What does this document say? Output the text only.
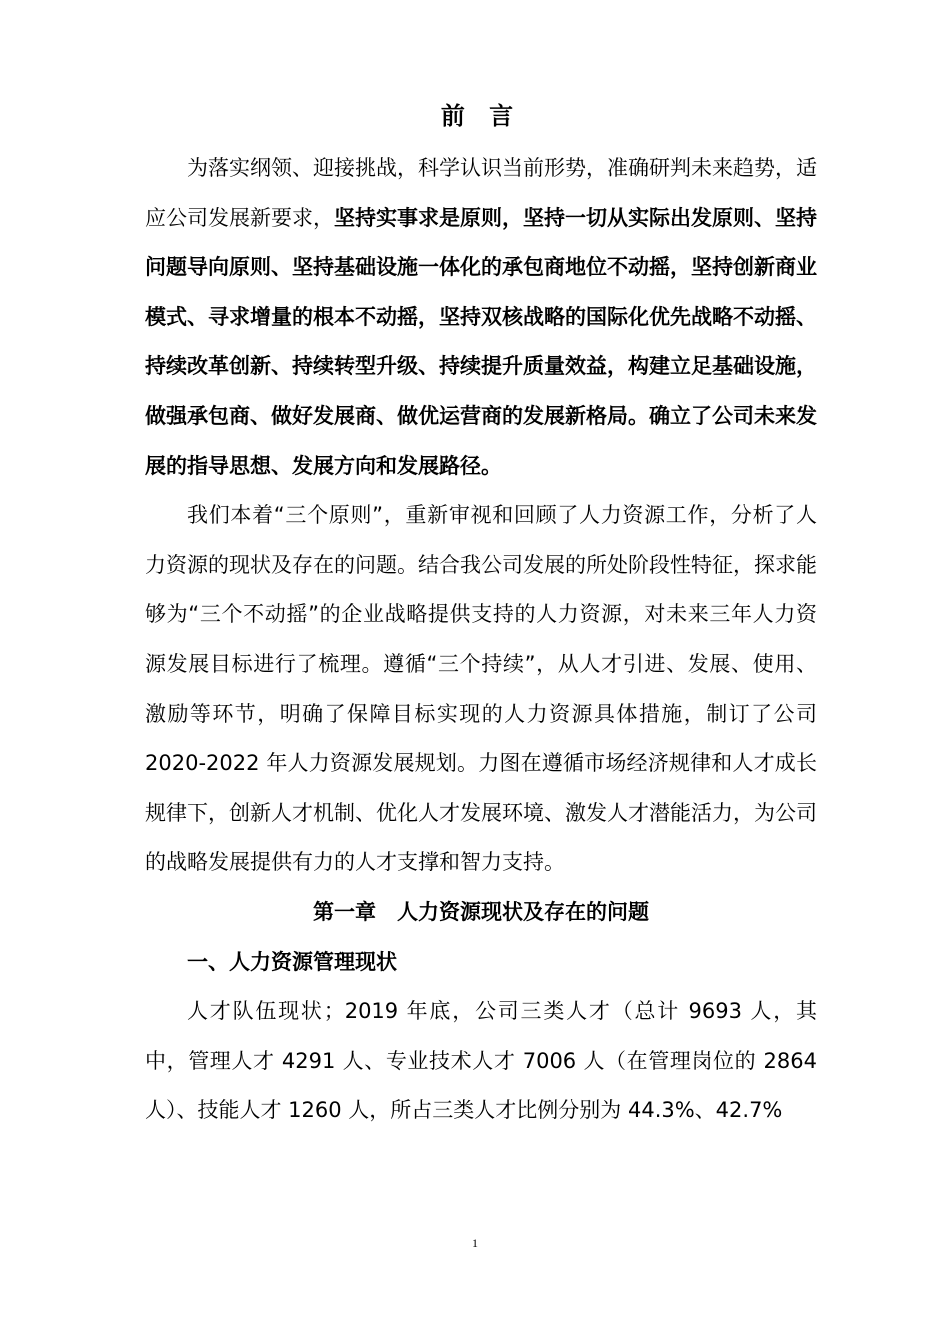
前 言

为落实纲领、迎接挑战，科学认识当前形势，准确研判未来趋势，适应公司发展新要求，坚持实事求是原则，坚持一切从实际出发原则、坚持问题导向原则、坚持基础设施一体化的承包商地位不动摇，坚持创新商业模式、寻求增量的根本不动摇，坚持双核战略的国际化优先战略不动摇、持续改革创新、持续转型升级、持续提升质量效益，构建立足基础设施，做强承包商、做好发展商、做优运营商的发展新格局。确立了公司未来发展的指导思想、发展方向和发展路径。

我们本着“三个原则”，重新审视和回顾了人力资源工作，分析了人力资源的现状及存在的问题。结合我公司发展的所处阶段性特征，探求能够为“三个不动摇”的企业战略提供支持的人力资源，对未来三年人力资源发展目标进行了梳理。遵循“三个持续”，从人才引进、发展、使用、激励等环节，明确了保障目标实现的人力资源具体措施，制订了公司 2020-2022 年人力资源发展规划。力图在遵循市场经济规律和人才成长规律下，创新人才机制、优化人才发展环境、激发人才潜能活力，为公司的战略发展提供有力的人才支撑和智力支持。

第一章　人力资源现状及存在的问题
一、人力资源管理现状

人才队伍现状；2019 年底，公司三类人才（总计 9693 人，其中，管理人才 4291 人、专业技术人才 7006 人（在管理岗位的 2864 人）、技能人才 1260 人，所占三类人才比例分别为 44.3%、42.7%

1
